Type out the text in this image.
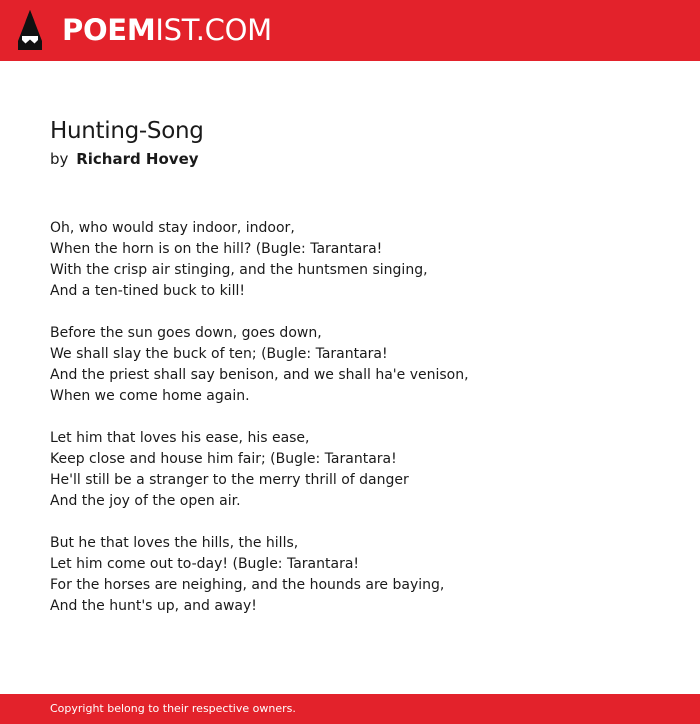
POEMIST.COM
Hunting-Song
by Richard Hovey
Oh, who would stay indoor, indoor,
When the horn is on the hill? (Bugle: Tarantara!
With the crisp air stinging, and the huntsmen singing,
And a ten-tined buck to kill!
Before the sun goes down, goes down,
We shall slay the buck of ten; (Bugle: Tarantara!
And the priest shall say benison, and we shall ha'e venison,
When we come home again.
Let him that loves his ease, his ease,
Keep close and house him fair; (Bugle: Tarantara!
He'll still be a stranger to the merry thrill of danger
And the joy of the open air.
But he that loves the hills, the hills,
Let him come out to-day! (Bugle: Tarantara!
For the horses are neighing, and the hounds are baying,
And the hunt's up, and away!
Copyright belong to their respective owners.
